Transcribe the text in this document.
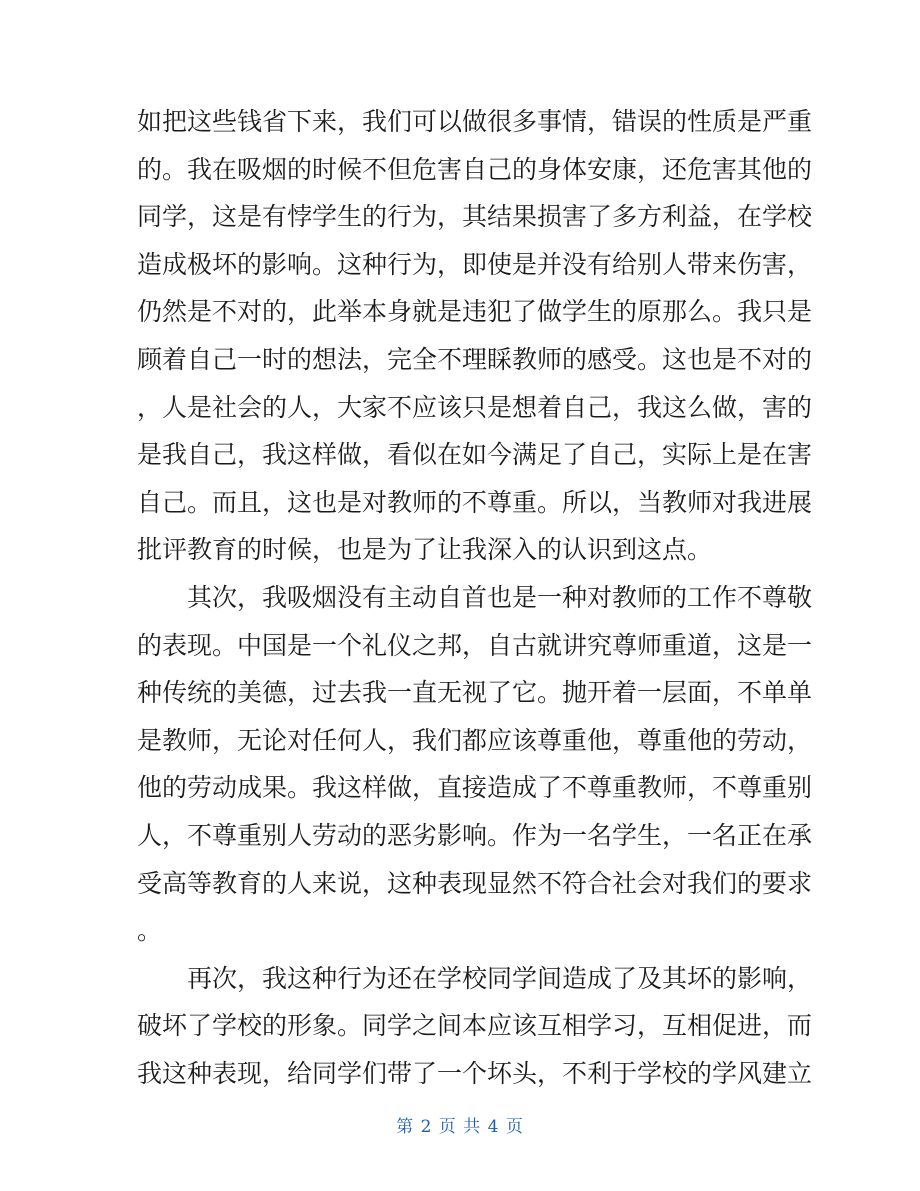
如把这些钱省下来，我们可以做很多事情，错误的性质是严重
的。我在吸烟的时候不但危害自己的身体安康，还危害其他的
同学，这是有悖学生的行为，其结果损害了多方利益，在学校
造成极坏的影响。这种行为，即使是并没有给别人带来伤害，
仍然是不对的，此举本身就是违犯了做学生的原那么。我只是
顾着自己一时的想法，完全不理睬教师的感受。这也是不对的
，人是社会的人，大家不应该只是想着自己，我这么做，害的
是我自己，我这样做，看似在如今满足了自己，实际上是在害
自己。而且，这也是对教师的不尊重。所以，当教师对我进展
批评教育的时候，也是为了让我深入的认识到这点。
　　其次，我吸烟没有主动自首也是一种对教师的工作不尊敬
的表现。中国是一个礼仪之邦，自古就讲究尊师重道，这是一
种传统的美德，过去我一直无视了它。抛开着一层面，不单单
是教师，无论对任何人，我们都应该尊重他，尊重他的劳动，
他的劳动成果。我这样做，直接造成了不尊重教师，不尊重别
人，不尊重别人劳动的恶劣影响。作为一名学生，一名正在承
受高等教育的人来说，这种表现显然不符合社会对我们的要求
。
　　再次，我这种行为还在学校同学间造成了及其坏的影响，
破坏了学校的形象。同学之间本应该互相学习，互相促进，而
我这种表现，给同学们带了一个坏头，不利于学校的学风建立
第 2 页 共 4 页
